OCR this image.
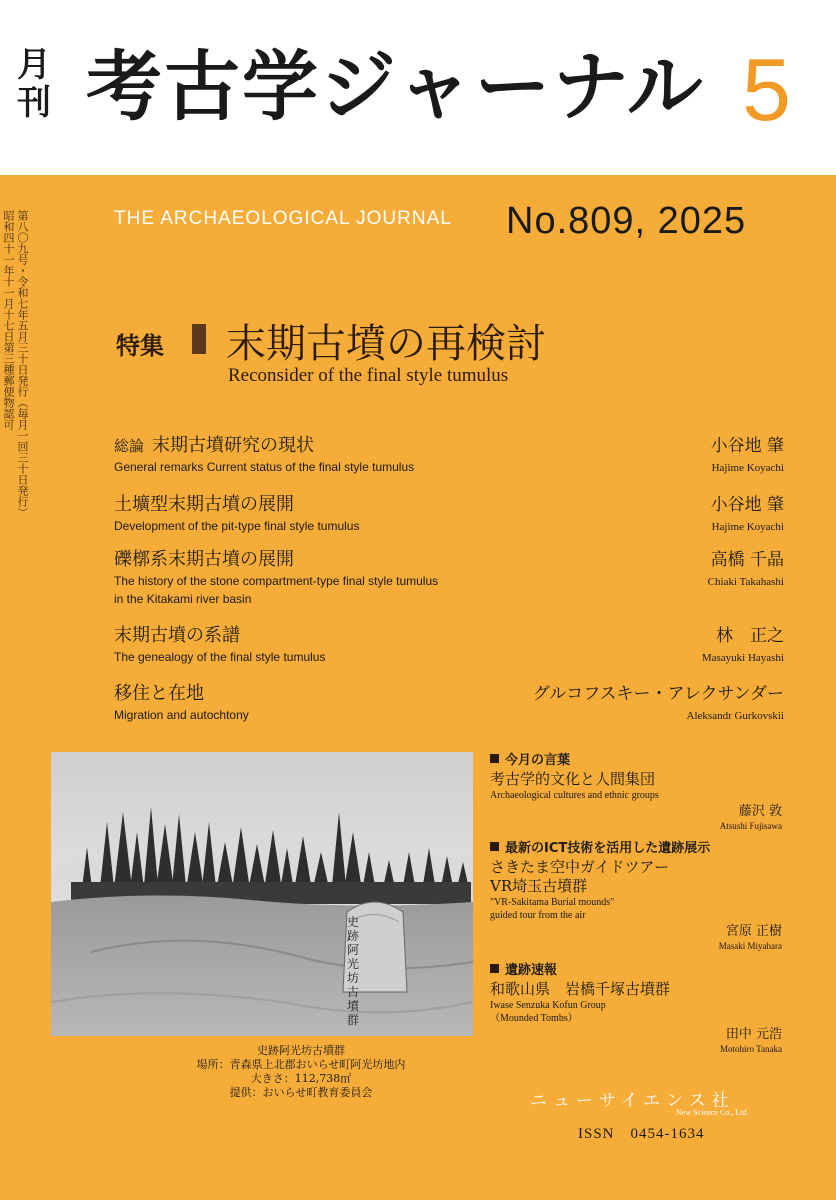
月刊 考古学ジャーナル 5
第八〇九号・令和七年五月三十日発行（毎月一回三十日発行）
昭和四十一年十一月十七日第三種郵便物認可	THE ARCHAEOLOGICAL JOURNAL No.809, 2025
特集 末期古墳の再検討
Reconsider of the final style tumulus
総論 末期古墳研究の現状
General remarks Current status of the final style tumulus
小谷地 肇
Hajime Koyachi
土壙型末期古墳の展開
Development of the pit-type final style tumulus
小谷地 肇
Hajime Koyachi
礫槨系末期古墳の展開
The history of the stone compartment-type final style tumulus
in the Kitakami river basin
高橋 千晶
Chiaki Takahashi
末期古墳の系譜
The genealogy of the final style tumulus
林　正之
Masayuki Hayashi
移住と在地
Migration and autochtony
グルコフスキー・アレクサンダー
Aleksandr Gurkovskii
史跡阿光坊古墳群
史跡阿光坊古墳群
場所：青森県上北郡おいらせ町阿光坊地内
大きさ：112,738㎡
提供：おいらせ町教育委員会
今月の言葉
考古学的文化と人間集団
Archaeological cultures and ethnic groups
藤沢 敦
Atsushi Fujisawa
最新のICT技術を活用した遺跡展示
さきたま空中ガイドツアー
VR埼玉古墳群
"VR-Sakitama Burial mounds"
guided tour from the air
宮原 正樹
Masaki Miyahara
遺跡速報
和歌山県　岩橋千塚古墳群
Iwase Senzuka Kofun Group
（Mounded Tombs）
田中 元浩
Motohiro Tanaka
ニューサイエンス社
New Science Co., Ltd.
ISSN　0454-1634
